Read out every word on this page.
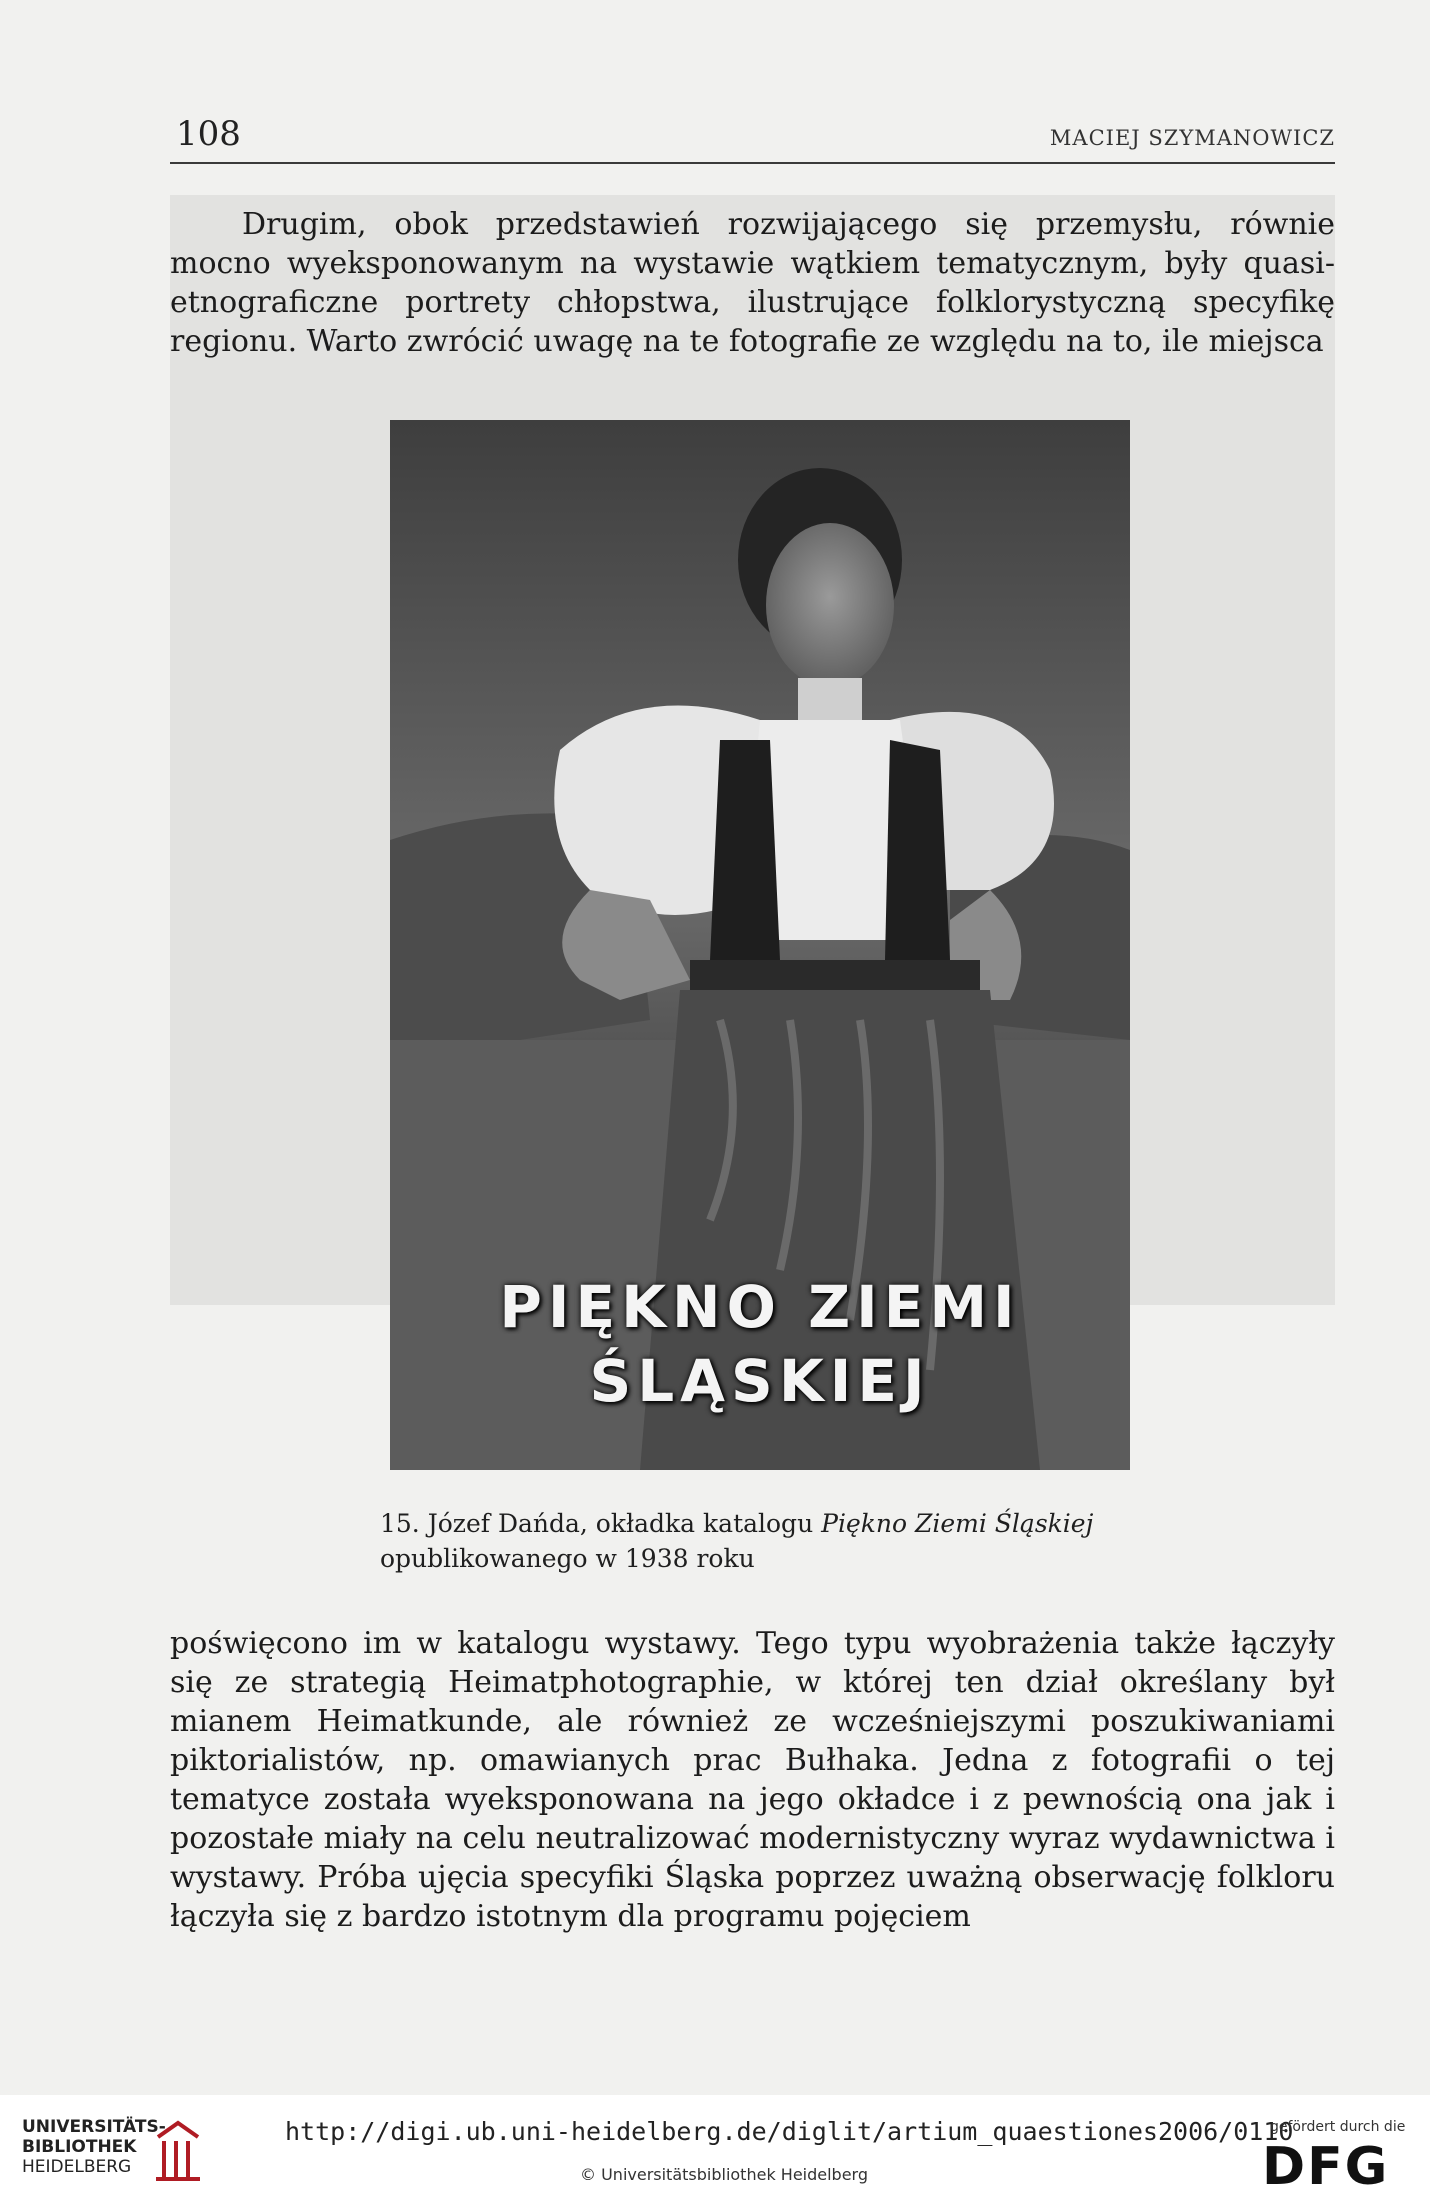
108	MACIEJ SZYMANOWICZ

Drugim, obok przedstawień rozwijającego się przemysłu, równie mocno wyeksponowanym na wystawie wątkiem tematycznym, były quasi-etnograficzne portrety chłopstwa, ilustrujące folklorystyczną specyfikę regionu. Warto zwrócić uwagę na te fotografie ze względu na to, ile miejsca

PIĘKNO ZIEMI
ŚLĄSKIEJ
15. Józef Dańda, okładka katalogu Piękno Ziemi Śląskiej
opublikowanego w 1938 roku

poświęcono im w katalogu wystawy. Tego typu wyobrażenia także łączyły się ze strategią Heimatphotographie, w której ten dział określany był mianem Heimatkunde, ale również ze wcześniejszymi poszukiwaniami piktorialistów, np. omawianych prac Bułhaka. Jedna z fotografii o tej tematyce została wyeksponowana na jego okładce i z pewnością ona jak i pozostałe miały na celu neutralizować modernistyczny wyraz wydawnictwa i wystawy. Próba ujęcia specyfiki Śląska poprzez uważną obserwację folkloru łączyła się z bardzo istotnym dla programu pojęciem

UNIVERSITÄTS-
BIBLIOTHEK
HEIDELBERG
http://digi.ub.uni-heidelberg.de/diglit/artium_quaestiones2006/0110
© Universitätsbibliothek Heidelberg
gefördert durch die
DFG
